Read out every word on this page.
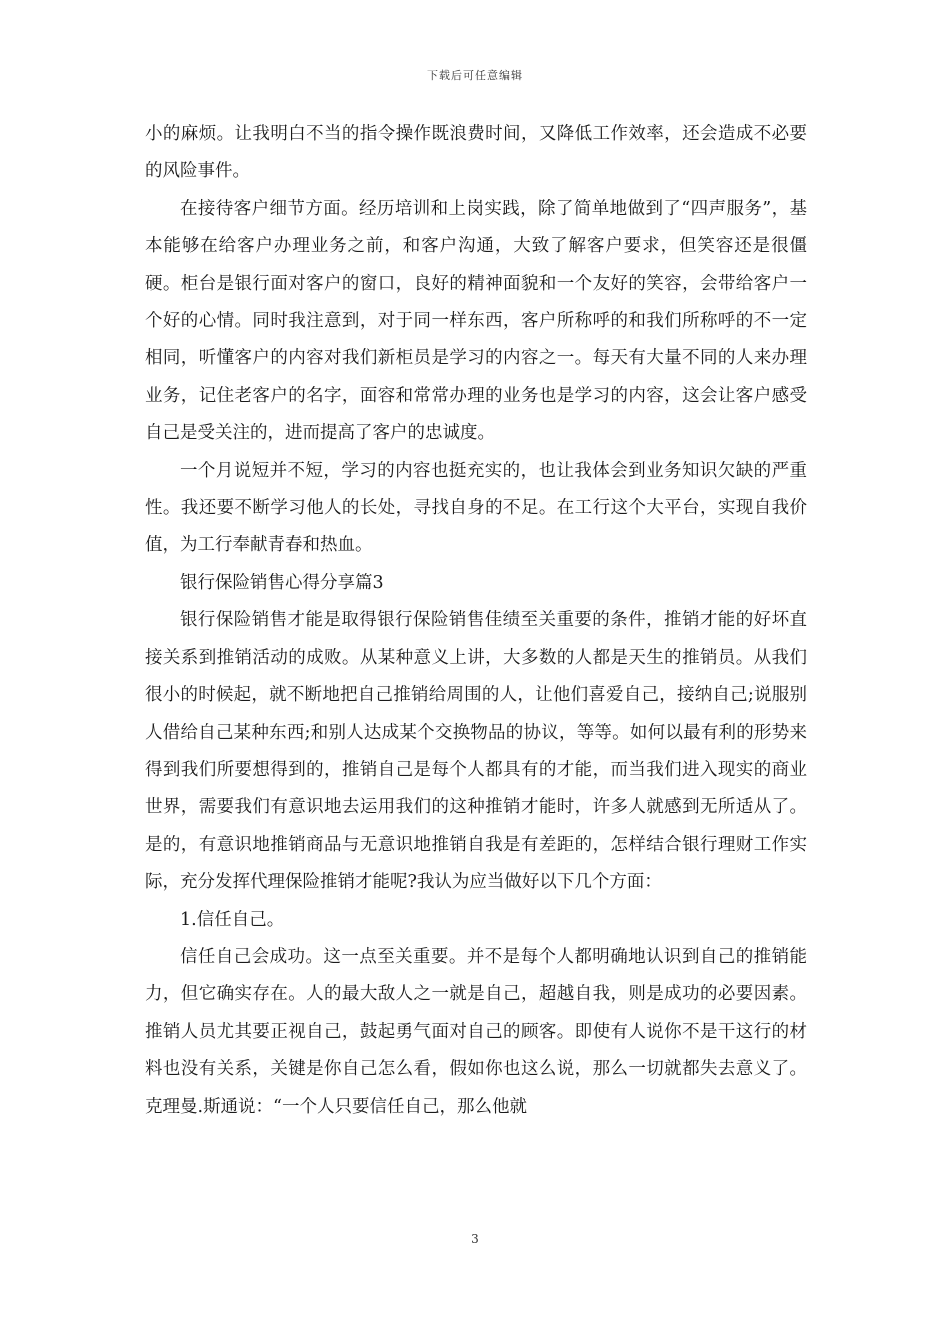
下载后可任意编辑

小的麻烦。让我明白不当的指令操作既浪费时间，又降低工作效率，还会造成不必要的风险事件。

在接待客户细节方面。经历培训和上岗实践，除了简单地做到了“四声服务”，基本能够在给客户办理业务之前，和客户沟通，大致了解客户要求，但笑容还是很僵硬。柜台是银行面对客户的窗口，良好的精神面貌和一个友好的笑容，会带给客户一个好的心情。同时我注意到，对于同一样东西，客户所称呼的和我们所称呼的不一定相同，听懂客户的内容对我们新柜员是学习的内容之一。每天有大量不同的人来办理业务，记住老客户的名字，面容和常常办理的业务也是学习的内容，这会让客户感受自己是受关注的，进而提高了客户的忠诚度。

一个月说短并不短，学习的内容也挺充实的，也让我体会到业务知识欠缺的严重性。我还要不断学习他人的长处，寻找自身的不足。在工行这个大平台，实现自我价值，为工行奉献青春和热血。

银行保险销售心得分享篇3

银行保险销售才能是取得银行保险销售佳绩至关重要的条件，推销才能的好坏直接关系到推销活动的成败。从某种意义上讲，大多数的人都是天生的推销员。从我们很小的时候起，就不断地把自己推销给周围的人，让他们喜爱自己，接纳自己;说服别人借给自己某种东西;和别人达成某个交换物品的协议，等等。如何以最有利的形势来得到我们所要想得到的，推销自己是每个人都具有的才能，而当我们进入现实的商业世界，需要我们有意识地去运用我们的这种推销才能时，许多人就感到无所适从了。是的，有意识地推销商品与无意识地推销自我是有差距的，怎样结合银行理财工作实际，充分发挥代理保险推销才能呢?我认为应当做好以下几个方面：

1.信任自己。

信任自己会成功。这一点至关重要。并不是每个人都明确地认识到自己的推销能力，但它确实存在。人的最大敌人之一就是自己，超越自我，则是成功的必要因素。推销人员尤其要正视自己，鼓起勇气面对自己的顾客。即使有人说你不是干这行的材料也没有关系，关键是你自己怎么看，假如你也这么说，那么一切就都失去意义了。克理曼.斯通说：“一个人只要信任自己，那么他就

3
